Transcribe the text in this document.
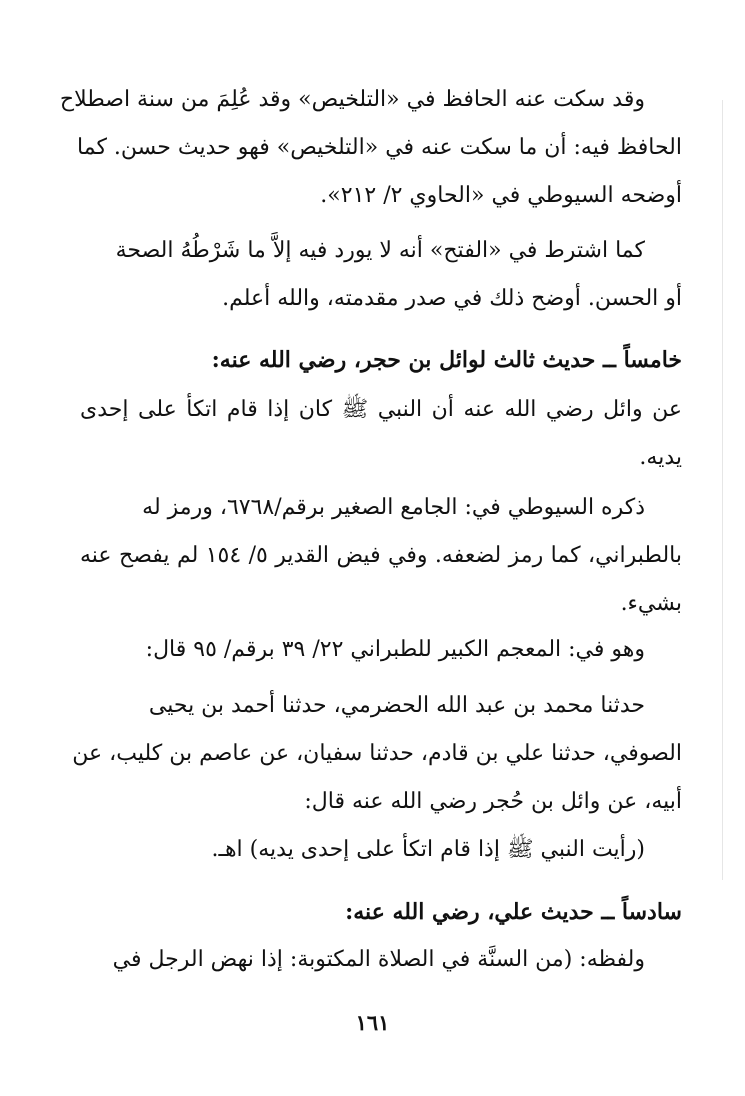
وقد سكت عنه الحافظ في «التلخيص» وقد عُلِمَ من سنة اصطلاح
الحافظ فيه: أن ما سكت عنه في «التلخيص» فهو حديث حسن. كما
أوضحه السيوطي في «الحاوي ٢/ ٢١٢».
كما اشترط في «الفتح» أنه لا يورد فيه إلاَّ ما شَرْطُهُ الصحة
أو الحسن. أوضح ذلك في صدر مقدمته، والله أعلم.
خامساً ــ حديث ثالث لوائل بن حجر، رضي الله عنه:
عن وائل رضي الله عنه أن النبي ﷺ كان إذا قام اتكأ على إحدى
يديه.
ذكره السيوطي في: الجامع الصغير برقم/٦٧٦٨، ورمز له
بالطبراني، كما رمز لضعفه. وفي فيض القدير ٥/ ١٥٤ لم يفصح عنه
بشيء.
وهو في: المعجم الكبير للطبراني ٢٢/ ٣٩ برقم/ ٩٥ قال:
حدثنا محمد بن عبد الله الحضرمي، حدثنا أحمد بن يحيى
الصوفي، حدثنا علي بن قادم، حدثنا سفيان، عن عاصم بن كليب، عن
أبيه، عن وائل بن حُجر رضي الله عنه قال:
(رأيت النبي ﷺ إذا قام اتكأ على إحدى يديه) اهـ.
سادساً ــ حديث علي، رضي الله عنه:
ولفظه: (من السنَّة في الصلاة المكتوبة: إذا نهض الرجل في
١٦١
